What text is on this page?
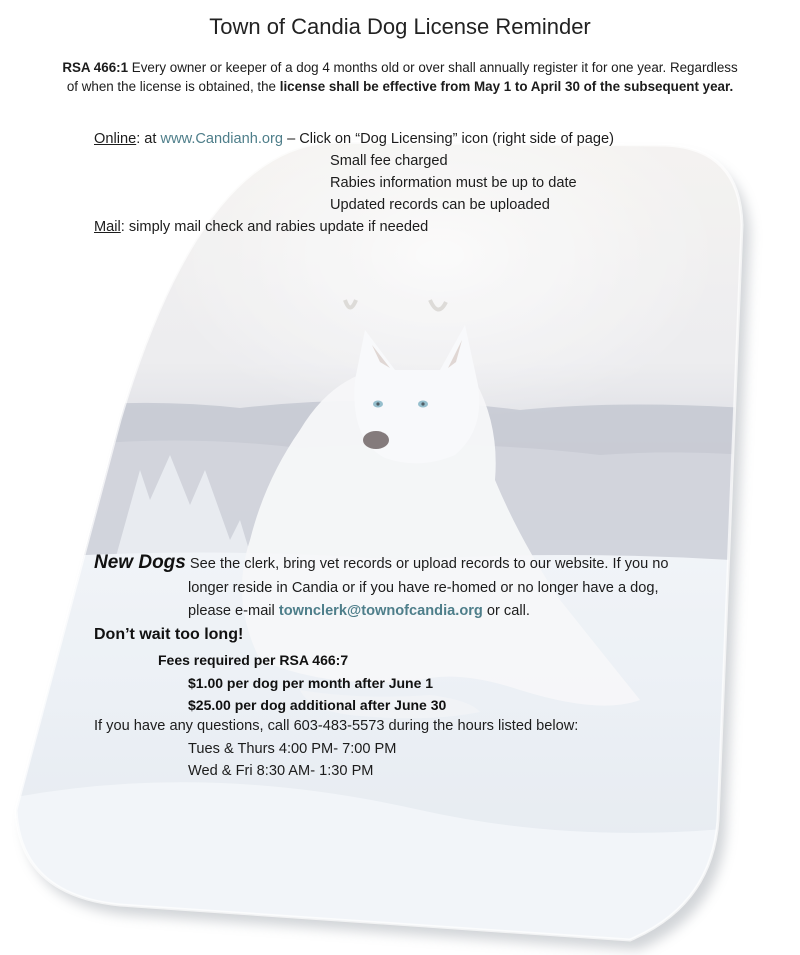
Town of Candia Dog License Reminder
RSA 466:1 Every owner or keeper of a dog 4 months old or over shall annually register it for one year. Regardless of when the license is obtained, the license shall be effective from May 1 to April 30 of the subsequent year.
Online: at www.Candianh.org – Click on “Dog Licensing” icon (right side of page)
Small fee charged
Rabies information must be up to date
Updated records can be uploaded
Mail: simply mail check and rabies update if needed
New Dogs See the clerk, bring vet records or upload records to our website. If you no
longer reside in Candia or if you have re-homed or no longer have a dog,
please e-mail townclerk@townofcandia.org or call.
Don’t wait too long!
Fees required per RSA 466:7
$1.00 per dog per month after June 1
$25.00 per dog additional after June 30
If you have any questions, call 603-483-5573 during the hours listed below:
Tues & Thurs 4:00 PM- 7:00 PM
Wed & Fri 8:30 AM- 1:30 PM
